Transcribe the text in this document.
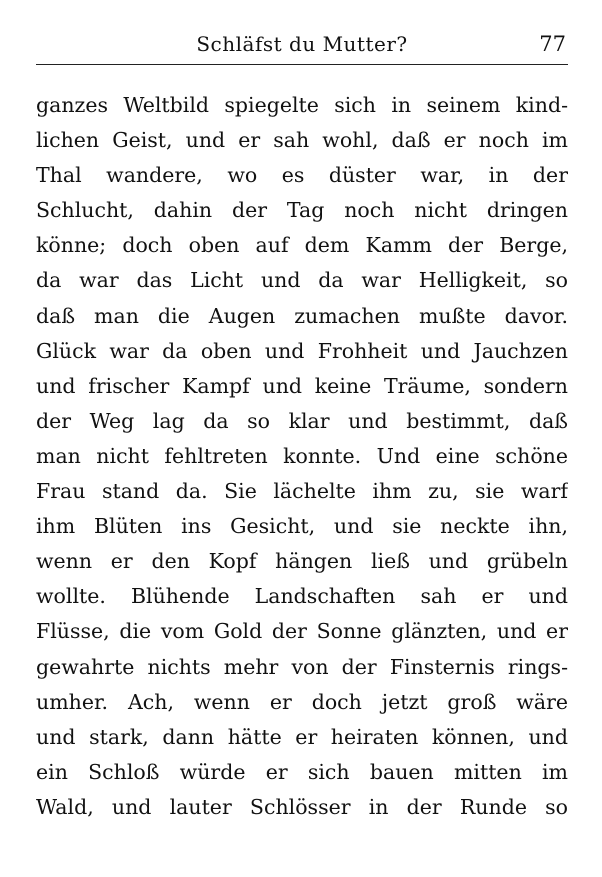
Schläfst du Mutter?	77
ganzes Weltbild spiegelte sich in seinem kind-
lichen Geist, und er sah wohl, daß er noch im
Thal wandere, wo es düster war, in der
Schlucht, dahin der Tag noch nicht dringen
könne; doch oben auf dem Kamm der Berge,
da war das Licht und da war Helligkeit, so
daß man die Augen zumachen mußte davor.
Glück war da oben und Frohheit und Jauchzen
und frischer Kampf und keine Träume, sondern
der Weg lag da so klar und bestimmt, daß
man nicht fehltreten konnte. Und eine schöne
Frau stand da. Sie lächelte ihm zu, sie warf
ihm Blüten ins Gesicht, und sie neckte ihn,
wenn er den Kopf hängen ließ und grübeln
wollte. Blühende Landschaften sah er und
Flüsse, die vom Gold der Sonne glänzten, und er
gewahrte nichts mehr von der Finsternis rings-
umher. Ach, wenn er doch jetzt groß wäre
und stark, dann hätte er heiraten können, und
ein Schloß würde er sich bauen mitten im
Wald, und lauter Schlösser in der Runde so
